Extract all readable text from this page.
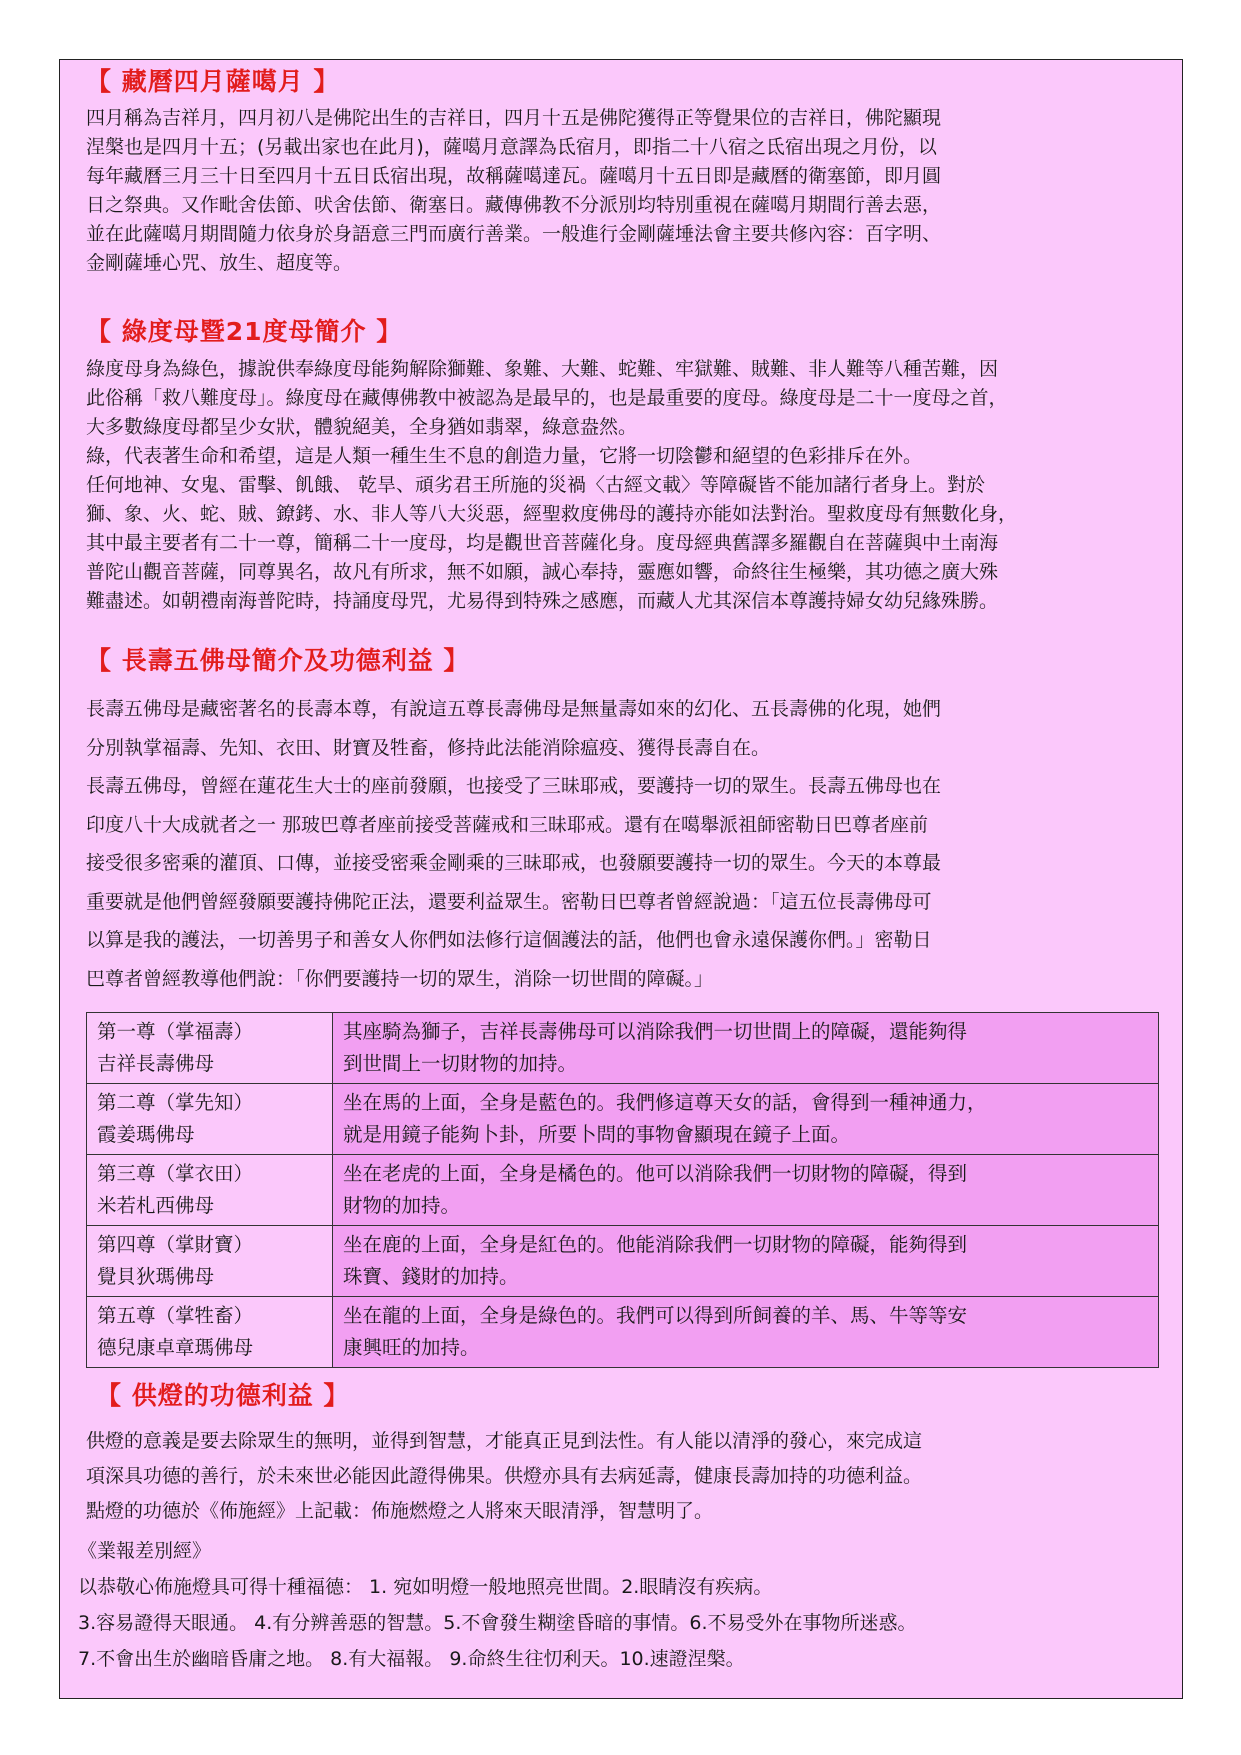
【 藏曆四月薩噶月 】
四月稱為吉祥月，四月初八是佛陀出生的吉祥日，四月十五是佛陀獲得正等覺果位的吉祥日，佛陀顯現
涅槃也是四月十五；(另載出家也在此月)，薩噶月意譯為氐宿月，即指二十八宿之氐宿出現之月份，以
每年藏曆三月三十日至四月十五日氐宿出現，故稱薩噶達瓦。薩噶月十五日即是藏曆的衛塞節，即月圓
日之祭典。又作毗舍佉節、吠舍佉節、衛塞日。藏傳佛教不分派別均特別重視在薩噶月期間行善去惡，
並在此薩噶月期間隨力依身於身語意三門而廣行善業。一般進行金剛薩埵法會主要共修內容：百字明、
金剛薩埵心咒、放生、超度等。
【 綠度母暨21度母簡介 】
綠度母身為綠色，據說供奉綠度母能夠解除獅難、象難、大難、蛇難、牢獄難、賊難、非人難等八種苦難，因
此俗稱「救八難度母」。綠度母在藏傳佛教中被認為是最早的，也是最重要的度母。綠度母是二十一度母之首，
大多數綠度母都呈少女狀，體貌絕美，全身猶如翡翠，綠意盎然。
綠，代表著生命和希望，這是人類一種生生不息的創造力量，它將一切陰鬱和絕望的色彩排斥在外。
任何地神、女鬼、雷擊、飢餓、 乾旱、頑劣君王所施的災禍〈古經文載〉等障礙皆不能加諸行者身上。對於
獅、象、火、蛇、賊、鐐銬、水、非人等八大災惡，經聖救度佛母的護持亦能如法對治。聖救度母有無數化身，
其中最主要者有二十一尊，簡稱二十一度母，均是觀世音菩薩化身。度母經典舊譯多羅觀自在菩薩與中土南海
普陀山觀音菩薩，同尊異名，故凡有所求，無不如願，誠心奉持，靈應如響，命終往生極樂，其功德之廣大殊
難盡述。如朝禮南海普陀時，持誦度母咒，尤易得到特殊之感應，而藏人尤其深信本尊護持婦女幼兒緣殊勝。
【 長壽五佛母簡介及功德利益 】
長壽五佛母是藏密著名的長壽本尊，有說這五尊長壽佛母是無量壽如來的幻化、五長壽佛的化現，她們
分別執掌福壽、先知、衣田、財寶及牲畜，修持此法能消除瘟疫、獲得長壽自在。
長壽五佛母，曾經在蓮花生大士的座前發願，也接受了三昧耶戒，要護持一切的眾生。長壽五佛母也在
印度八十大成就者之一 那玻巴尊者座前接受菩薩戒和三昧耶戒。還有在噶舉派祖師密勒日巴尊者座前
接受很多密乘的灌頂、口傳，並接受密乘金剛乘的三昧耶戒，也發願要護持一切的眾生。今天的本尊最
重要就是他們曾經發願要護持佛陀正法，還要利益眾生。密勒日巴尊者曾經說過：「這五位長壽佛母可
以算是我的護法，一切善男子和善女人你們如法修行這個護法的話，他們也會永遠保護你們。」密勒日
巴尊者曾經教導他們說：「你們要護持一切的眾生，消除一切世間的障礙。」
第一尊（掌福壽）
吉祥長壽佛母	其座騎為獅子，吉祥長壽佛母可以消除我們一切世間上的障礙，還能夠得
到世間上一切財物的加持。

第二尊（掌先知）
霞姜瑪佛母	坐在馬的上面，全身是藍色的。我們修這尊天女的話，會得到一種神通力，
就是用鏡子能夠卜卦，所要卜問的事物會顯現在鏡子上面。

第三尊（掌衣田）
米若札西佛母	坐在老虎的上面，全身是橘色的。他可以消除我們一切財物的障礙，得到
財物的加持。

第四尊（掌財寶）
覺貝狄瑪佛母	坐在鹿的上面，全身是紅色的。他能消除我們一切財物的障礙，能夠得到
珠寶、錢財的加持。

第五尊（掌牲畜）
德兒康卓章瑪佛母	坐在龍的上面，全身是綠色的。我們可以得到所飼養的羊、馬、牛等等安
康興旺的加持。
【 供燈的功德利益 】
供燈的意義是要去除眾生的無明，並得到智慧，才能真正見到法性。有人能以清淨的發心，來完成這
項深具功德的善行，於未來世必能因此證得佛果。供燈亦具有去病延壽，健康長壽加持的功德利益。
點燈的功德於《佈施經》上記載：佈施燃燈之人將來天眼清淨，智慧明了。
《業報差別經》
以恭敬心佈施燈具可得十種福德： 1. 宛如明燈一般地照亮世間。2.眼睛沒有疾病。
3.容易證得天眼通。 4.有分辨善惡的智慧。5.不會發生糊塗昏暗的事情。6.不易受外在事物所迷惑。
7.不會出生於幽暗昏庸之地。 8.有大福報。 9.命終生往忉利天。10.速證涅槃。
